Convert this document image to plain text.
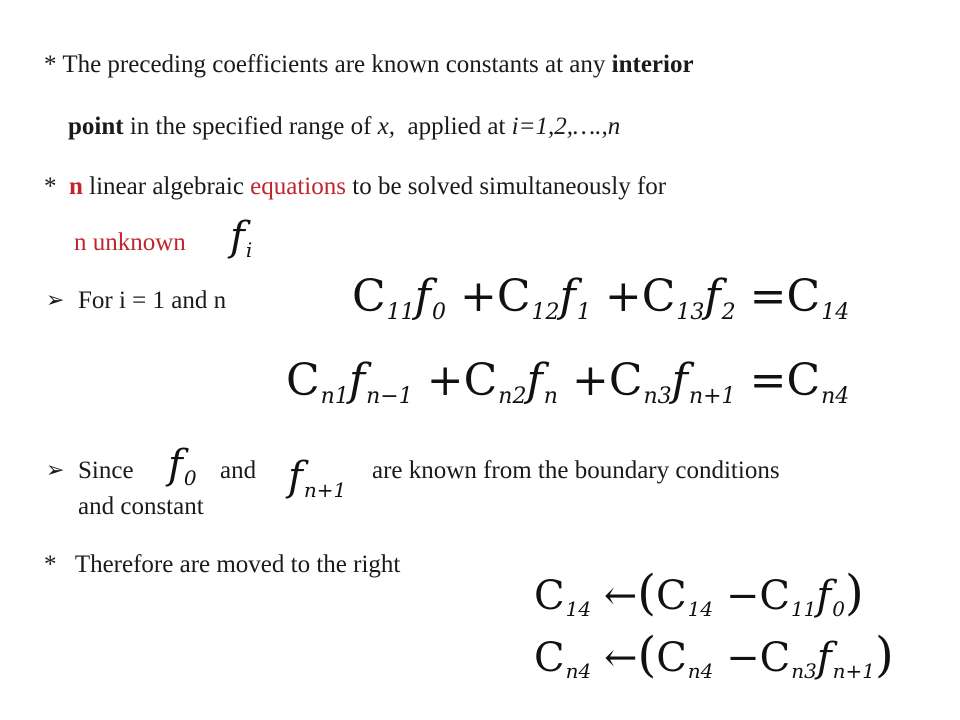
* The preceding coefficients are known constants at any interior
point in the specified range of x, applied at i=1,2,….,n
* n linear algebraic equations to be solved simultaneously for
n unknown $f_i$
➢ For i = 1 and n	$C_{11}f_0 +C_{12}f_1 +C_{13}f_2 =C_{14}$
$C_{n1}f_{n-1} +C_{n2}f_n +C_{n3}f_{n+1} =C_{n4}$
➢ Since $f_0$ and $f_{n+1}$
are known from the boundary conditions
and constant
* Therefore are moved to the right
$C_{14}$ $\leftarrow(C_{14} -C_{11}f_0)$
$C_{n4}$ $\leftarrow(C_{n4} -C_{n3}f_{n+1})$
